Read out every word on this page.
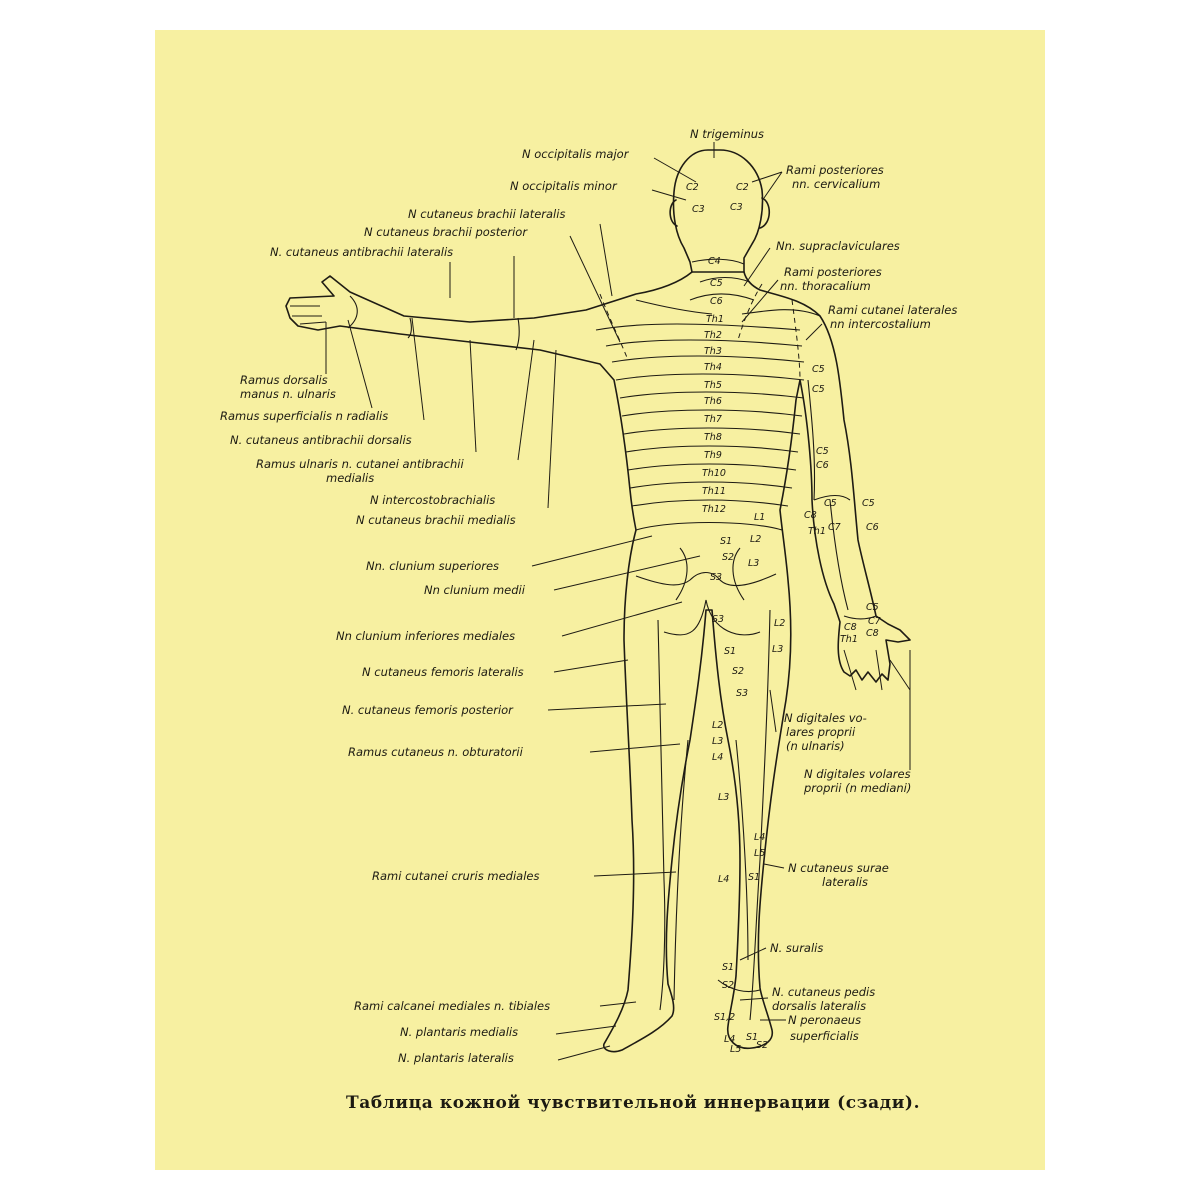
C2	C2
C3	C3
C4
C5
C6
Th1
Th2
Th3
Th4
Th5
Th6
Th7
Th8
Th9
Th10
Th11
Th12
C5
C5
C5
C6
C5
C8
Th1 C7
C5
C6
C5
C7
C8
C8
Th1
L1
L2
L3
S1
S2
S3
S3	L2
L3
S1
S2
S3
L2
L3
L4
L3
L4
L5
S1
L4
S1
S2
S1,2
L4
L5
S1
S2
N trigeminus
N occipitalis major
N occipitalis minor
Rami posteriores
nn. cervicalium
N cutaneus brachii lateralis
N cutaneus brachii posterior
N. cutaneus antibrachii lateralis	Nn. supraclaviculares
Rami posteriores
nn. thoracalium
Rami cutanei laterales
nn intercostalium
Ramus dorsalis
manus n. ulnaris
Ramus superficialis n radialis
N. cutaneus antibrachii dorsalis
Ramus ulnaris n. cutanei antibrachii
medialis
N intercostobrachialis
N cutaneus brachii medialis
Nn. clunium superiores
Nn clunium medii
Nn clunium inferiores mediales
N cutaneus femoris lateralis
N. cutaneus femoris posterior
Ramus cutaneus n. obturatorii
Rami cutanei cruris mediales
Rami calcanei mediales n. tibiales
N. plantaris medialis
N. plantaris lateralis
N digitales vo-
lares proprii
(n ulnaris)
N digitales volares
proprii (n mediani)
N cutaneus surae
lateralis
N. suralis
N. cutaneus pedis
dorsalis lateralis
N peronaeus
superficialis
Таблица кожной чувствительной иннервации (сзади).
